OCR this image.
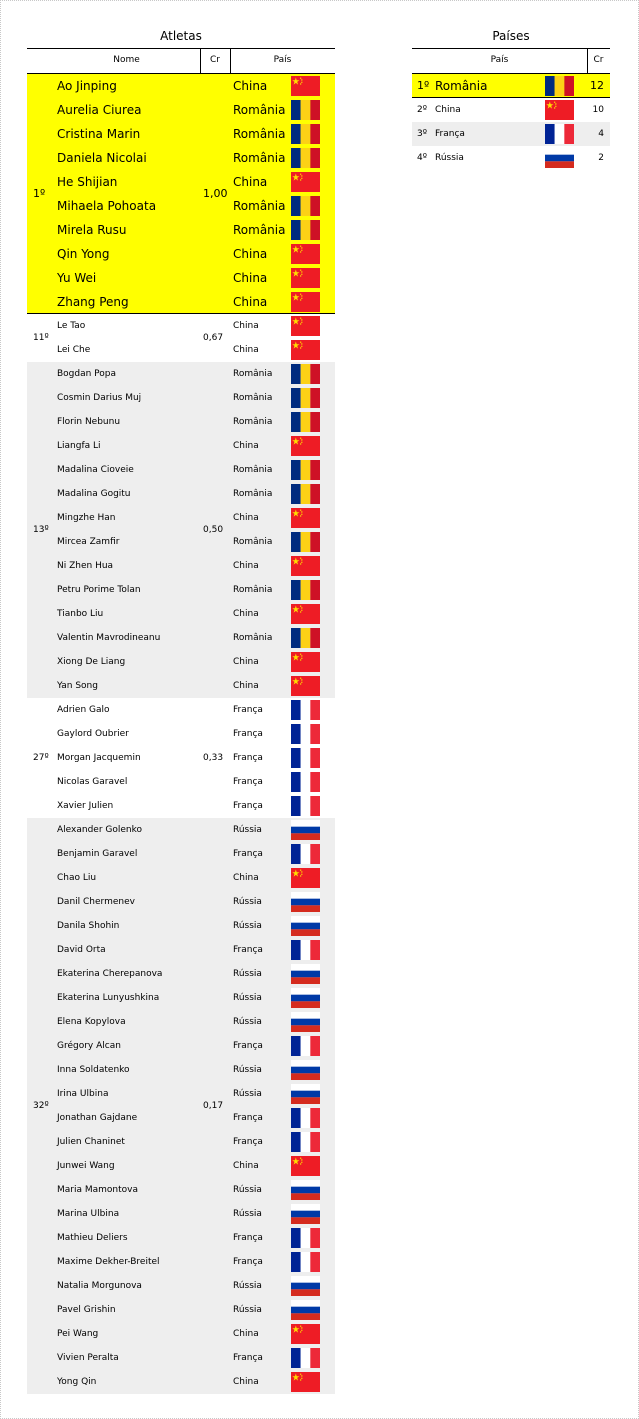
Atletas
Nome	Cr	País
1º	1,00
Ao Jinping	China
Aurelia Ciurea	România
Cristina Marin	România
Daniela Nicolai	România
He Shijian	China
Mihaela Pohoata	România
Mirela Rusu	România
Qin Yong	China
Yu Wei	China
Zhang Peng	China
11º	0,67
Le Tao	China
Lei Che	China
13º	0,50
Bogdan Popa	România
Cosmin Darius Muj	România
Florin Nebunu	România
Liangfa Li	China
Madalina Cioveie	România
Madalina Gogitu	România
Mingzhe Han	China
Mircea Zamfir	România
Ni Zhen Hua	China
Petru Porime Tolan	România
Tianbo Liu	China
Valentin Mavrodineanu	România
Xiong De Liang	China
Yan Song	China
27º	0,33
Adrien Galo	França
Gaylord Oubrier	França
Morgan Jacquemin	França
Nicolas Garavel	França
Xavier Julien	França
32º	0,17
Alexander Golenko	Rússia
Benjamin Garavel	França
Chao Liu	China
Danil Chermenev	Rússia
Danila Shohin	Rússia
David Orta	França
Ekaterina Cherepanova	Rússia
Ekaterina Lunyushkina	Rússia
Elena Kopylova	Rússia
Grégory Alcan	França
Inna Soldatenko	Rússia
Irina Ulbina	Rússia
Jonathan Gajdane	França
Julien Chaninet	França
Junwei Wang	China
Maria Mamontova	Rússia
Marina Ulbina	Rússia
Mathieu Deliers	França
Maxime Dekher-Breitel	França
Natalia Morgunova	Rússia
Pavel Grishin	Rússia
Pei Wang	China
Vivien Peralta	França
Yong Qin	China
Países
País	Cr
1º România	12
2º China	10
3º França	4
4º Rússia	2
